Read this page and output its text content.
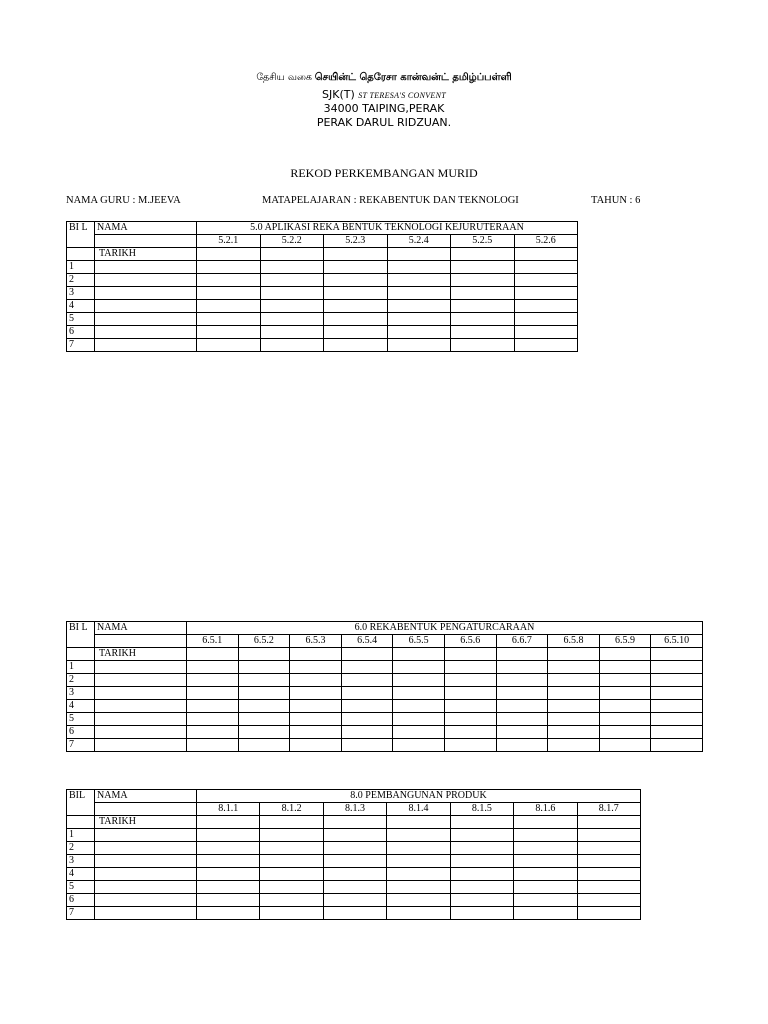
தேசிய வகை செயின்ட் தெரேசா கான்வன்ட் தமிழ்ப்பள்ளி
SJK(T) ST TERESA'S CONVENT
34000 TAIPING,PERAK
PERAK DARUL RIDZUAN.
REKOD PERKEMBANGAN MURID
NAMA GURU : M.JEEVA	MATAPELAJARAN : REKABENTUK DAN TEKNOLOGI	TAHUN : 6
BI L	NAMA	5.0 APLIKASI REKA BENTUK TEKNOLOGI KEJURUTERAAN					
		5.2.1	5.2.2	5.2.3	5.2.4	5.2.5	5.2.6
	TARIKH						
1							
2							
3							
4							
5							
6							
7							
BI L	NAMA	6.0 REKABENTUK PENGATURCARAAN									
		6.5.1	6.5.2	6.5.3	6.5.4	6.5.5	6.5.6	6.6.7	6.5.8	6.5.9	6.5.10
	TARIKH										
1											
2											
3											
4											
5											
6											
7											
BIL	NAMA	8.0 PEMBANGUNAN PRODUK						
		8.1.1	8.1.2	8.1.3	8.1.4	8.1.5	8.1.6	8.1.7
	TARIKH							
1								
2								
3								
4								
5								
6								
7								
